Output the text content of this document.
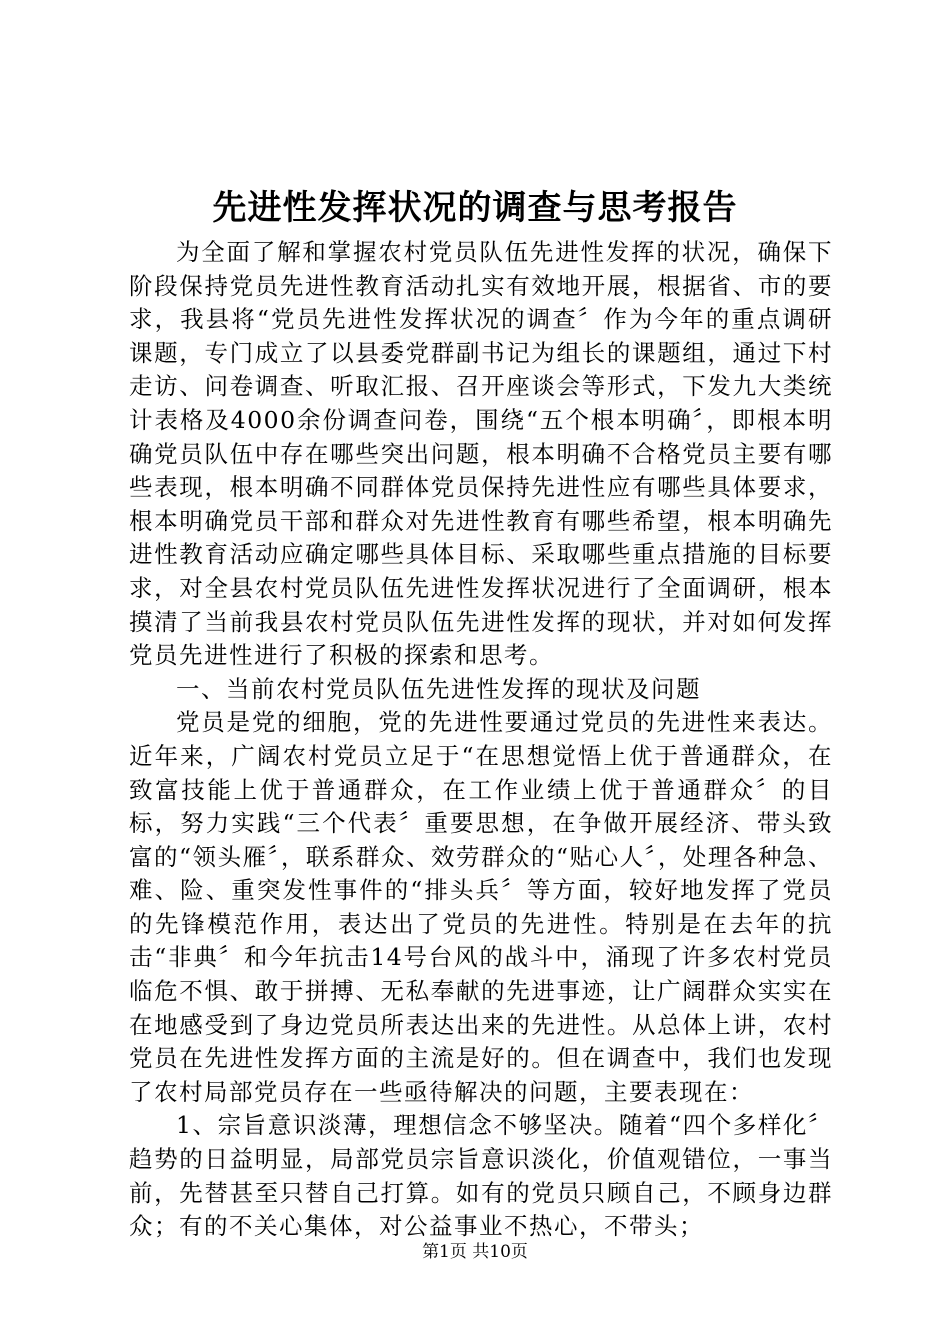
先进性发挥状况的调查与思考报告

为全面了解和掌握农村党员队伍先进性发挥的状况，确保下阶段保持党员先进性教育活动扎实有效地开展，根据省、市的要求，我县将“党员先进性发挥状况的调查〞作为今年的重点调研课题，专门成立了以县委党群副书记为组长的课题组，通过下村走访、问卷调查、听取汇报、召开座谈会等形式，下发九大类统计表格及4000余份调查问卷，围绕“五个根本明确〞，即根本明确党员队伍中存在哪些突出问题，根本明确不合格党员主要有哪些表现，根本明确不同群体党员保持先进性应有哪些具体要求，根本明确党员干部和群众对先进性教育有哪些希望，根本明确先进性教育活动应确定哪些具体目标、采取哪些重点措施的目标要求，对全县农村党员队伍先进性发挥状况进行了全面调研，根本摸清了当前我县农村党员队伍先进性发挥的现状，并对如何发挥党员先进性进行了积极的探索和思考。

一、当前农村党员队伍先进性发挥的现状及问题

党员是党的细胞，党的先进性要通过党员的先进性来表达。近年来，广阔农村党员立足于“在思想觉悟上优于普通群众，在致富技能上优于普通群众，在工作业绩上优于普通群众〞的目标，努力实践“三个代表〞重要思想，在争做开展经济、带头致富的“领头雁〞，联系群众、效劳群众的“贴心人〞，处理各种急、难、险、重突发性事件的“排头兵〞等方面，较好地发挥了党员的先锋模范作用，表达出了党员的先进性。特别是在去年的抗击“非典〞和今年抗击14号台风的战斗中，涌现了许多农村党员临危不惧、敢于拼搏、无私奉献的先进事迹，让广阔群众实实在在地感受到了身边党员所表达出来的先进性。从总体上讲，农村党员在先进性发挥方面的主流是好的。但在调查中，我们也发现了农村局部党员存在一些亟待解决的问题，主要表现在：

1、宗旨意识淡薄，理想信念不够坚决。随着“四个多样化〞趋势的日益明显，局部党员宗旨意识淡化，价值观错位，一事当前，先替甚至只替自己打算。如有的党员只顾自己，不顾身边群众；有的不关心集体，对公益事业不热心，不带头；

第1页 共10页
